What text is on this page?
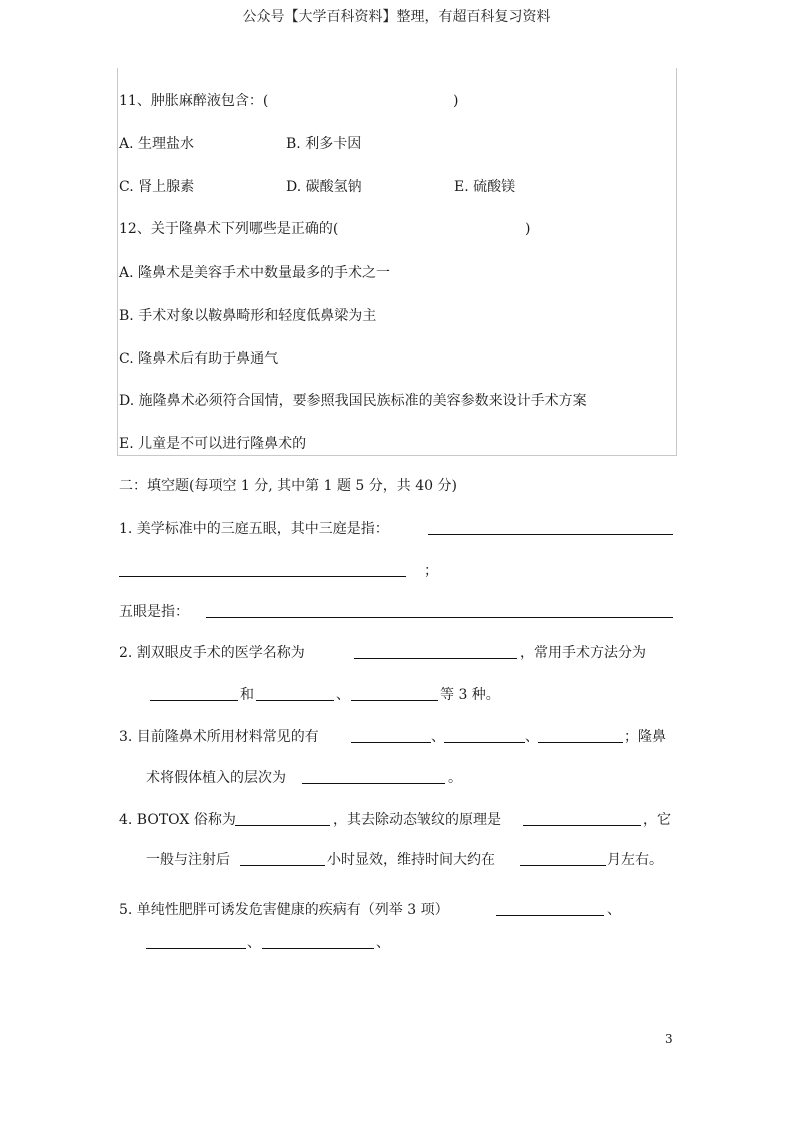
公众号【大学百科资料】整理，有超百科复习资料
11、肿胀麻醉液包含：(	)
A. 生理盐水	B. 利多卡因
C. 肾上腺素	D. 碳酸氢钠	E. 硫酸镁
12、关于隆鼻术下列哪些是正确的(	)
A. 隆鼻术是美容手术中数量最多的手术之一
B. 手术对象以鞍鼻畸形和轻度低鼻梁为主
C. 隆鼻术后有助于鼻通气
D. 施隆鼻术必须符合国情，要参照我国民族标准的美容参数来设计手术方案
E. 儿童是不可以进行隆鼻术的
二：填空题(每项空 1 分, 其中第 1 题 5 分，共 40 分)
1. 美学标准中的三庭五眼，其中三庭是指：
；
五眼是指：
2. 割双眼皮手术的医学名称为	，常用手术方法分为
和	、	等 3 种。
3. 目前隆鼻术所用材料常见的有	、	、	；隆鼻
术将假体植入的层次为	。
4. BOTOX 俗称为	，其去除动态皱纹的原理是	，它
一般与注射后	小时显效，维持时间大约在	月左右。
5. 单纯性肥胖可诱发危害健康的疾病有（列举 3 项）	、
、	、
3
